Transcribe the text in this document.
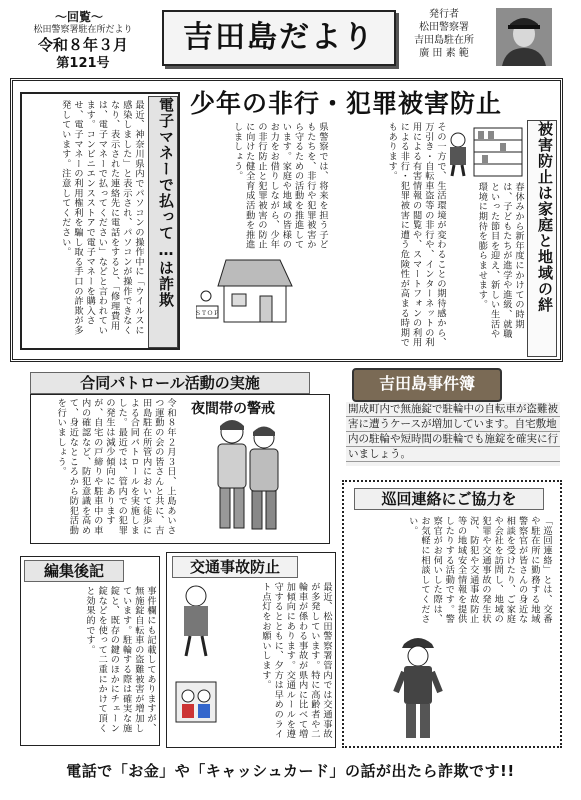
〜回覧〜
松田警察署駐在所だより
令和８年３月
第121号
吉田島だより
発行者
松田警察署
吉田島駐在所
廣 田 素 範
少年の非行・犯罪被害防止
被害防止は家庭と地域の絆
春休みから新年度にかけての時期は、子どもたちが進学や進級、就職といった節目を迎え、新しい生活や環境に期待を膨らませます。
その一方で、生活環境が変わることの期待感から、万引き・自転車盗等の非行や、インターネットの利用による有害情報の閲覧や、スマートフォンの利用による非行・犯罪被害に遭う危険性が高まる時期でもあります。
県警察では、将来を担う子どもたちを、非行や犯罪被害から守るための活動を推進しています。家庭や地域の皆様のお力をお借りしながら、少年の非行防止と犯罪被害の防止に向けた健全育成活動を推進しましょう。
ＳＴＯＰ
電子マネーで払って…は詐欺
最近、神奈川県内でパソコンの操作中に「ウイルスに感染しました」と表示され、パソコンが操作できなくなり、表示された連絡先に電話をすると、「修理費用は、電子マネーで払ってください」などと言われています。コンビニエンスストアで電子マネーを購入させ、電子マネーの利用権利を騙し取る手口の詐欺が多発しています。注意してください。
合同パトロール活動の実施
令和８年２月３日、上島あいさつ運動の会の皆さんと共に、吉田島駐在所管内において徒歩による合同パトロールを実施しました。最近では、管内での犯罪の発生は減少傾向にありますが、自宅の戸締りや駐車中の車内の確認など、防犯意識を高めて、身近なところから防犯活動を行いましょう。	夜間帯の警戒
吉田島事件簿
開成町内で無施錠で駐輪中の自転車が盗難被害に遭うケースが増加しています。自宅敷地内の駐輪や短時間の駐輪でも施錠を確実に行いましょう。
巡回連絡にご協力を
「巡回連絡」とは、交番や駐在所に勤務する地域警察官が皆さんの身近な相談を受けたり、ご家庭や会社を訪問し、地域の犯罪や交通事故の発生状況、防犯や交通事故防止等の地域安全情報を提供したりする活動です。警察官がお伺いした際は、お気軽に相談してください。
編集後記
事件欄にも記載してありますが、無施錠自転車の盗難被害が増加しています。駐輪する際は確実な施錠と、既存の鍵のほかにチェーン錠などを使って二重にかけて頂くと効果的です。
交通事故防止
最近、松田警察署管内では交通事故が多発しています。特に高齢者や二輪車が係わる事故が県内に比べて増加傾向にあります。交通ルールを遵守するとともに、夕方は早めのライト点灯をお願いします。
電話で「お金」や「キャッシュカード」の話が出たら詐欺です!!
